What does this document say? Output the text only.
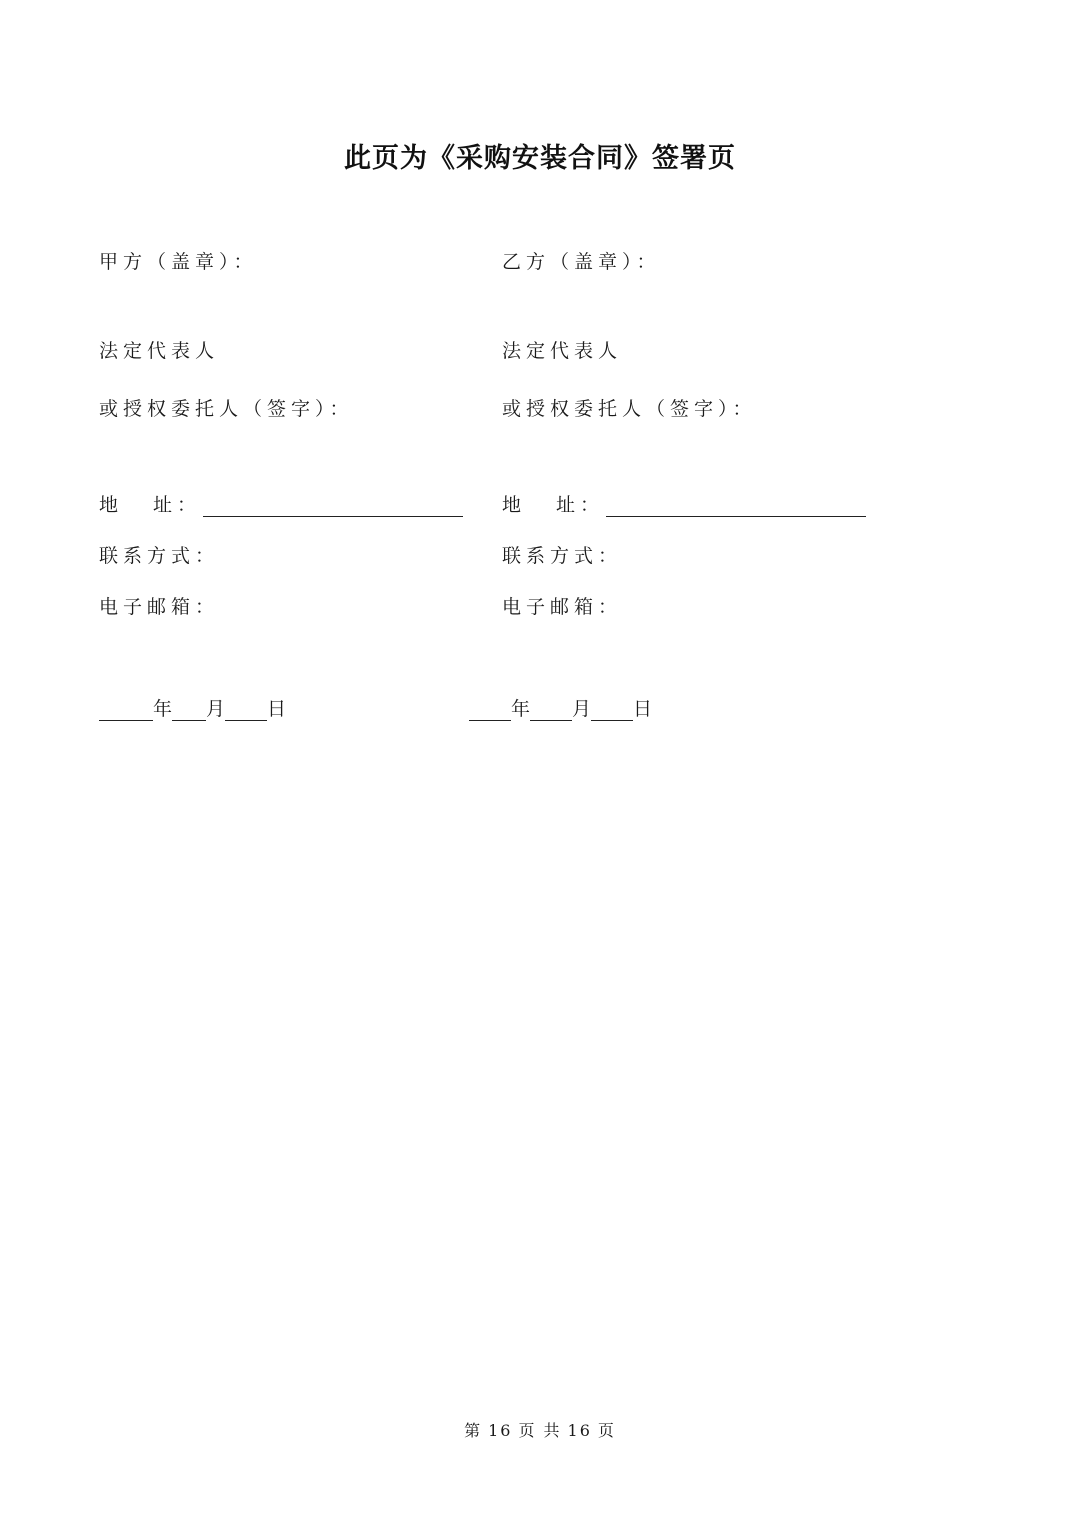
此页为《采购安装合同》签署页
甲方（盖章）：
法定代表人
或授权委托人（签字）：
地 址：
联系方式：
电子邮箱：
年 月 日
乙方（盖章）：
法定代表人
或授权委托人（签字）：
地 址：
联系方式：
电子邮箱：
年 月 日
第 16 页 共 16 页
